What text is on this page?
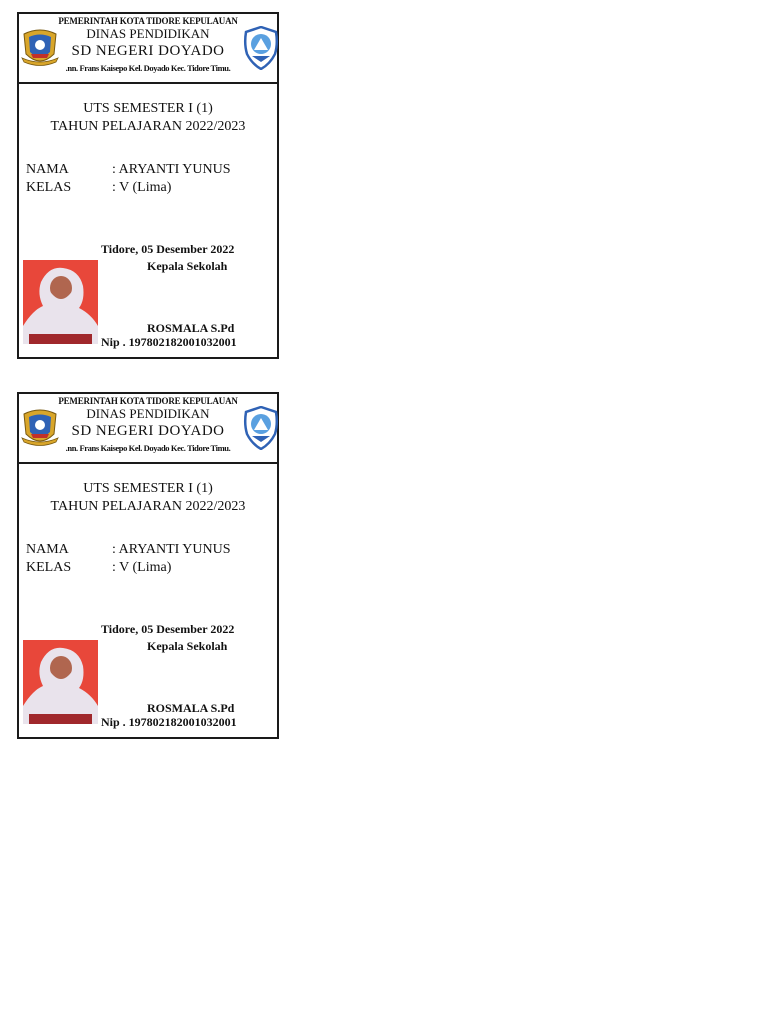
PEMERINTAH KOTA TIDORE KEPULAUAN
DINAS PENDIDIKAN
SD NEGERI DOYADO
.nn. Frans Kaisepo Kel. Doyado Kec. Tidore Timu.
UTS SEMESTER I (1)
TAHUN PELAJARAN 2022/2023
NAMA	: ARYANTI YUNUS
KELAS	: V (Lima)
Tidore, 05 Desember 2022
Kepala Sekolah
ROSMALA S.Pd
Nip . 197802182001032001
PEMERINTAH KOTA TIDORE KEPULAUAN
DINAS PENDIDIKAN
SD NEGERI DOYADO
.nn. Frans Kaisepo Kel. Doyado Kec. Tidore Timu.
UTS SEMESTER I (1)
TAHUN PELAJARAN 2022/2023
NAMA	: ARYANTI YUNUS
KELAS	: V (Lima)
Tidore, 05 Desember 2022
Kepala Sekolah
ROSMALA S.Pd
Nip . 197802182001032001
